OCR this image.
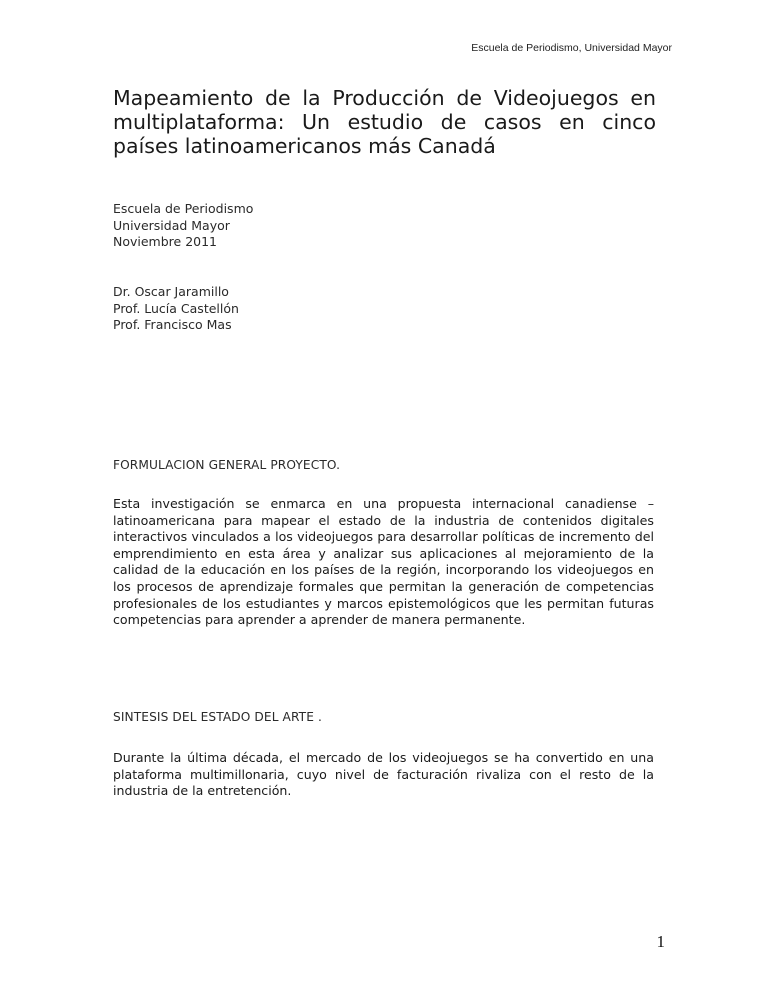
Escuela de Periodismo, Universidad Mayor
Mapeamiento de la Producción de Videojuegos en multiplataforma: Un estudio de casos en cinco países latinoamericanos más Canadá
Escuela de Periodismo
Universidad Mayor
Noviembre 2011
Dr. Oscar Jaramillo
Prof. Lucía Castellón
Prof. Francisco Mas
FORMULACION GENERAL PROYECTO.

Esta investigación se enmarca en una propuesta internacional canadiense – latinoamericana para mapear el estado de la industria de contenidos digitales interactivos vinculados a los videojuegos para desarrollar políticas de incremento del emprendimiento en esta área y analizar sus aplicaciones al mejoramiento de la calidad de la educación en los países de la región, incorporando los videojuegos en los procesos de aprendizaje formales que permitan la generación de competencias profesionales de los estudiantes y marcos epistemológicos que les permitan futuras competencias para aprender a aprender de manera permanente.

SINTESIS DEL ESTADO DEL ARTE .

Durante la última década, el mercado de los videojuegos se ha convertido en una plataforma multimillonaria, cuyo nivel de facturación rivaliza con el resto de la industria de la entretención.

1
